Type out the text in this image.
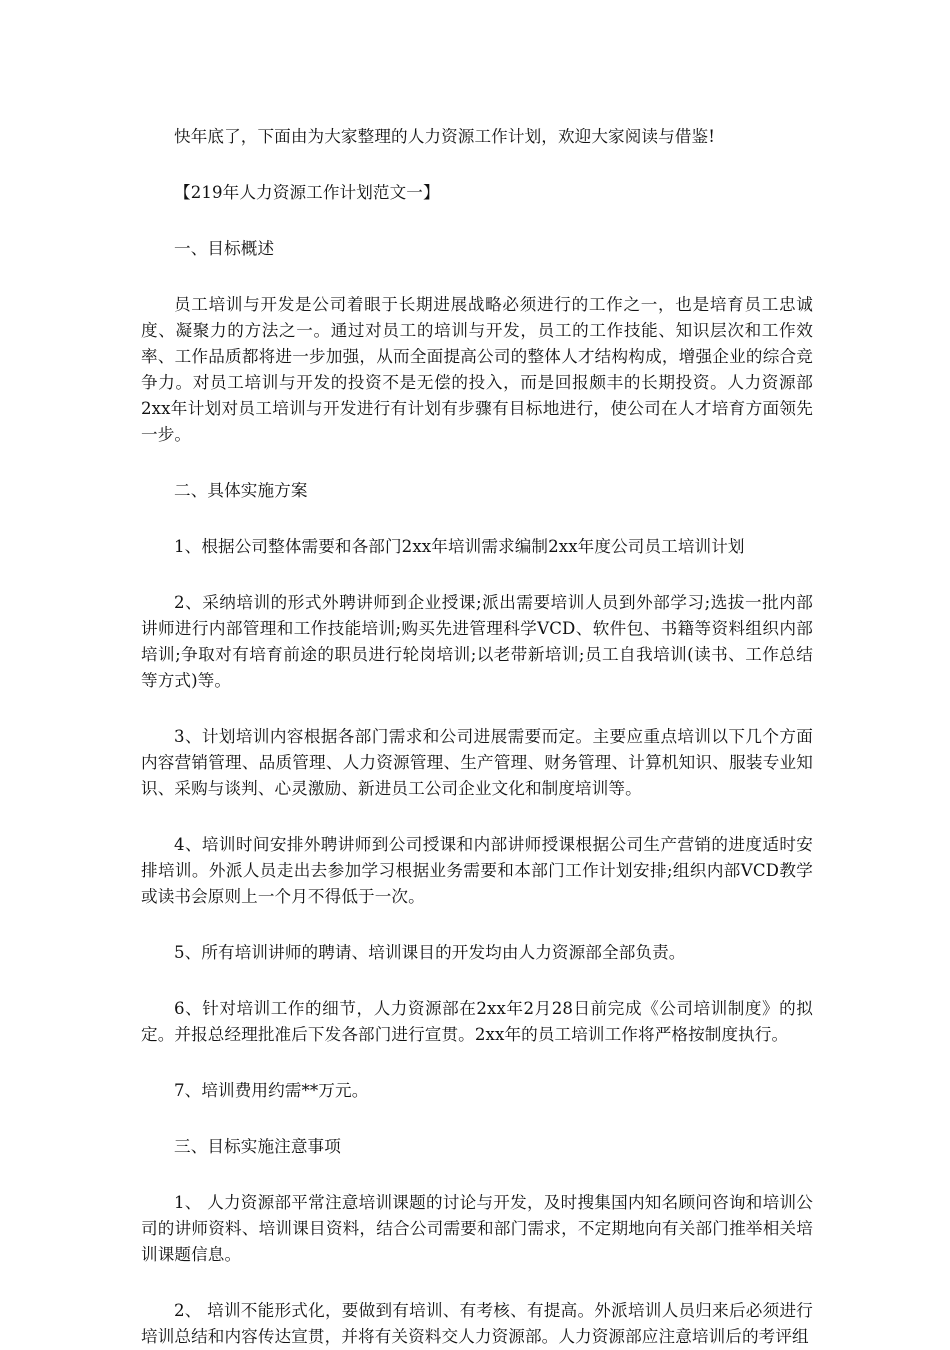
快年底了，下面由为大家整理的人力资源工作计划，欢迎大家阅读与借鉴!

【219年人力资源工作计划范文一】

一、目标概述

员工培训与开发是公司着眼于长期进展战略必须进行的工作之一，也是培育员工忠诚度、凝聚力的方法之一。通过对员工的培训与开发，员工的工作技能、知识层次和工作效率、工作品质都将进一步加强，从而全面提高公司的整体人才结构构成，增强企业的综合竞争力。对员工培训与开发的投资不是无偿的投入，而是回报颇丰的长期投资。人力资源部2xx年计划对员工培训与开发进行有计划有步骤有目标地进行，使公司在人才培育方面领先一步。

二、具体实施方案

1、根据公司整体需要和各部门2xx年培训需求编制2xx年度公司员工培训计划

2、采纳培训的形式外聘讲师到企业授课;派出需要培训人员到外部学习;选拔一批内部讲师进行内部管理和工作技能培训;购买先进管理科学VCD、软件包、书籍等资料组织内部培训;争取对有培育前途的职员进行轮岗培训;以老带新培训;员工自我培训(读书、工作总结等方式)等。

3、计划培训内容根据各部门需求和公司进展需要而定。主要应重点培训以下几个方面内容营销管理、品质管理、人力资源管理、生产管理、财务管理、计算机知识、服装专业知识、采购与谈判、心灵激励、新进员工公司企业文化和制度培训等。

4、培训时间安排外聘讲师到公司授课和内部讲师授课根据公司生产营销的进度适时安排培训。外派人员走出去参加学习根据业务需要和本部门工作计划安排;组织内部VCD教学或读书会原则上一个月不得低于一次。

5、所有培训讲师的聘请、培训课目的开发均由人力资源部全部负责。

6、针对培训工作的细节，人力资源部在2xx年2月28日前完成《公司培训制度》的拟定。并报总经理批准后下发各部门进行宣贯。2xx年的员工培训工作将严格按制度执行。

7、培训费用约需**万元。

三、目标实施注意事项

1、 人力资源部平常注意培训课题的讨论与开发，及时搜集国内知名顾问咨询和培训公司的讲师资料、培训课目资料，结合公司需要和部门需求，不定期地向有关部门推举相关培训课题信息。

2、 培训不能形式化，要做到有培训、有考核、有提高。外派培训人员归来后必须进行培训总结和内容传达宣贯，并将有关资料交人力资源部。人力资源部应注意培训后的考评组
